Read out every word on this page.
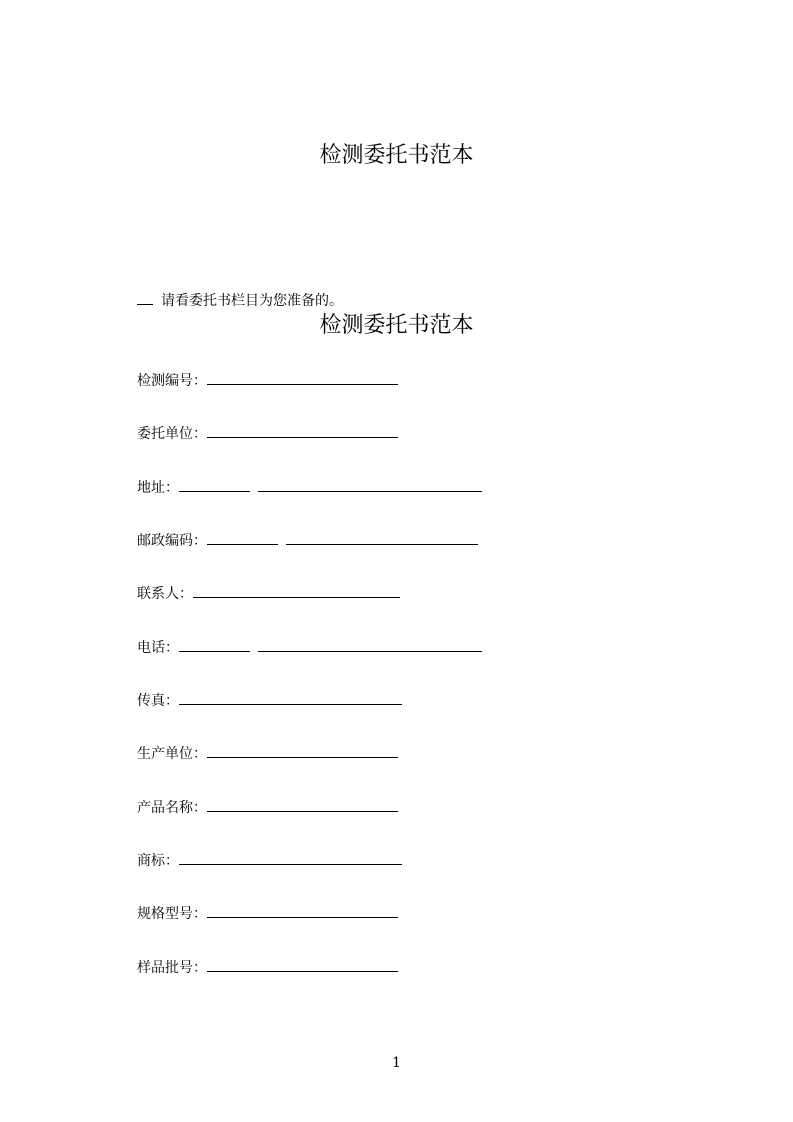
检测委托书范本
请看委托书栏目为您准备的。
检测委托书范本
检测编号：
委托单位：
地址：
邮政编码：
联系人：
电话：
传真：
生产单位：
产品名称：
商标：
规格型号：
样品批号：
1
